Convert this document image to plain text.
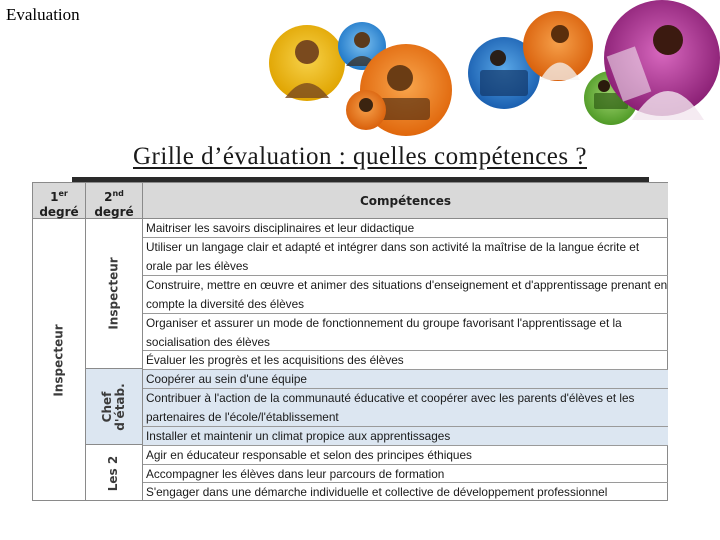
Evaluation
Grille d’évaluation : quelles compétences ?
1er
degré
2nd
degré
Compétences
Inspecteur
Inspecteur
Chef d'étab.
Les 2
Maitriser les savoirs disciplinaires et leur didactique
Utiliser un langage clair et adapté et intégrer dans son activité la maîtrise de la langue écrite et orale par les élèves
Construire, mettre en œuvre et animer des situations d'enseignement et d'apprentissage prenant en compte la diversité des élèves
Organiser et assurer un mode de fonctionnement du groupe favorisant l'apprentissage et la socialisation des élèves
Évaluer les progrès et les acquisitions des élèves
Coopérer au sein d'une équipe
Contribuer à l'action de la communauté éducative et coopérer avec les parents d'élèves et les partenaires de l'école/l'établissement
Installer et maintenir un climat propice aux apprentissages
Agir en éducateur responsable et selon des principes éthiques
Accompagner les élèves dans leur parcours de formation
S'engager dans une démarche individuelle et collective de développement professionnel
